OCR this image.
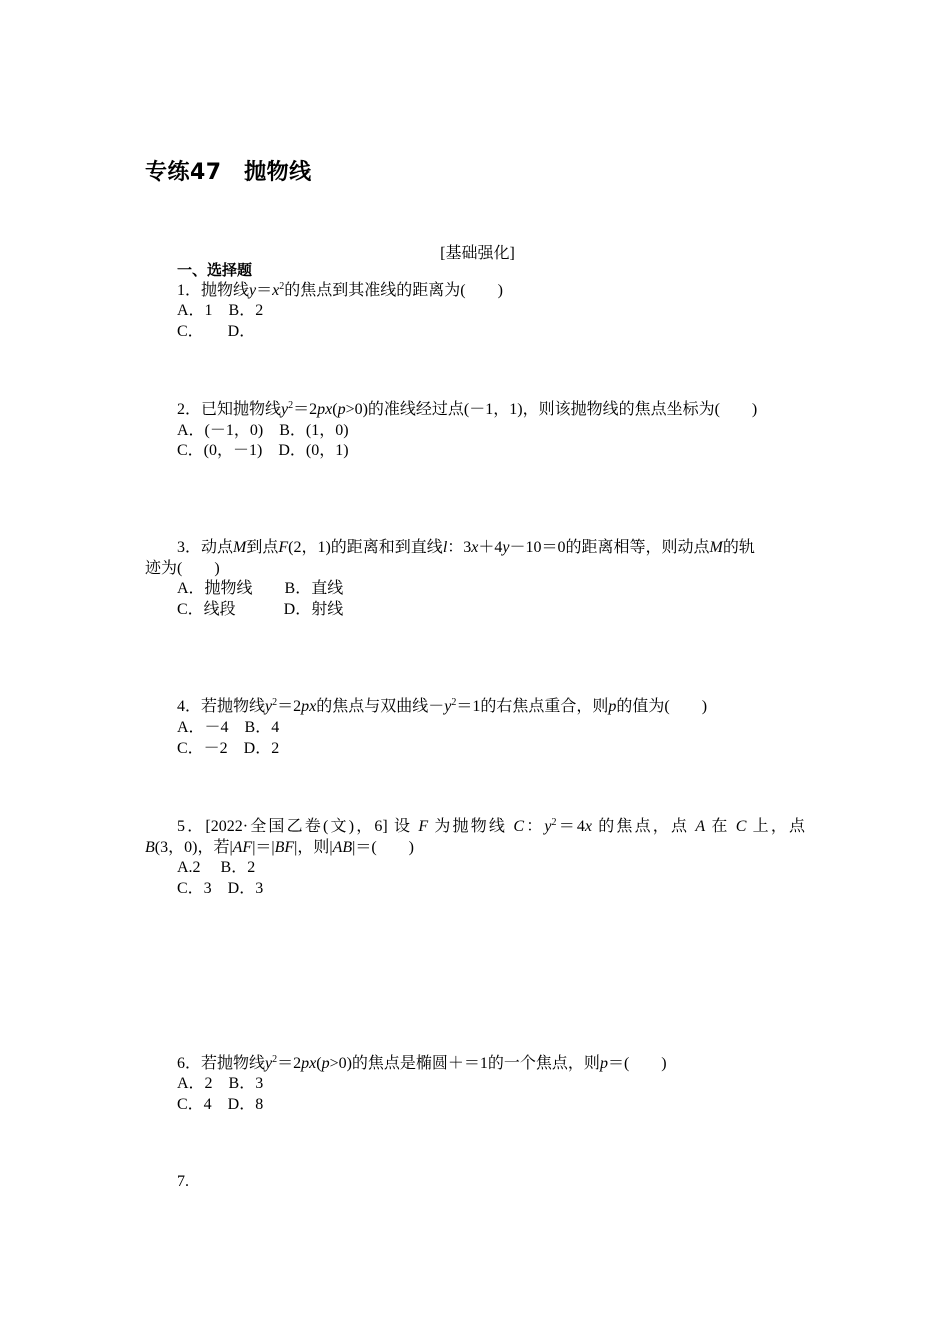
专练47　抛物线
[基础强化]
一、选择题
1．抛物线$y=x^2$的焦点到其准线的距离为(　　)
A．1　B．2
C．　　D．
2．已知抛物线$y^2=2px(p>0)$的准线经过点(－1，1)，则该抛物线的焦点坐标为(　　)
A．(－1，0)　B．(1，0)
C．(0，－1)　D．(0，1)
3．动点M到点F(2，1)的距离和到直线l：3x＋4y－10＝0的距离相等，则动点M的轨
迹为(　　)
A．抛物线　　B．直线
C．线段　　　D．射线
4．若抛物线$y^2=2px$的焦点与双曲线$-y^2=1$的右焦点重合，则p的值为(　　)
A．－4　B．4
C．－2　D．2
5．[2022·全国乙卷(文)，6] 设 F 为抛物线 C：$y^2=4x$ 的焦点，点 A 在 C 上，点
B(3，0)，若|AF|＝|BF|，则|AB|＝(　　)
A.2　 B．2
C．3　D．3
6．若抛物线$y^2=2px(p>0)$的焦点是椭圆＋＝1的一个焦点，则p＝(　　)
A．2　B．3
C．4　D．8
7.
